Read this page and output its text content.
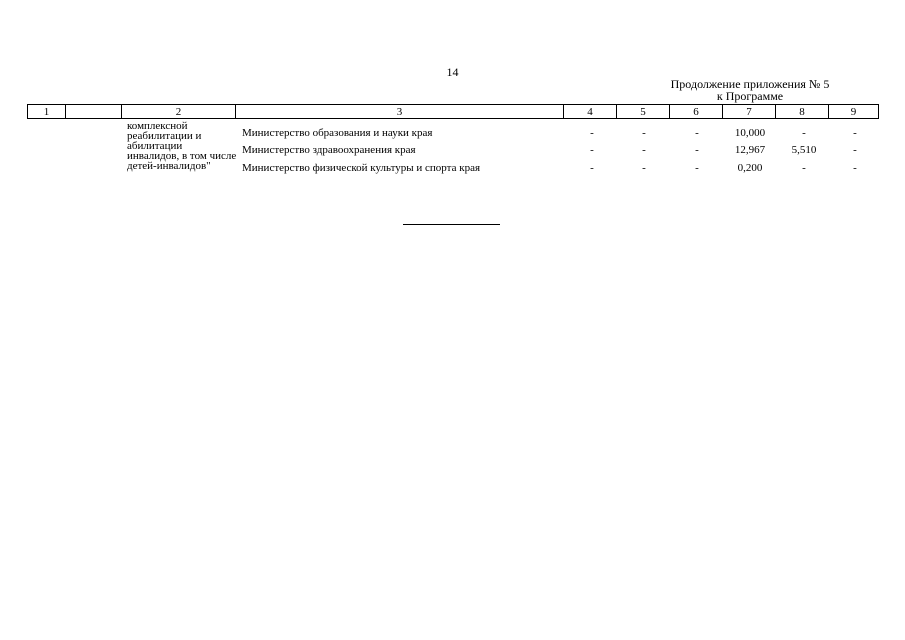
14
Продолжение приложения № 5
к Программе
1		2	3	4	5	6	7	8	9
комплексной реабилитации и абилитации инвалидов, в том числе детей-инвалидов"
Министерство образования и науки края	-	-	-	10,000	-	-
Министерство здравоохранения края	-	-	-	12,967	5,510	-
Министерство физической культуры и спорта края	-	-	-	0,200	-	-
